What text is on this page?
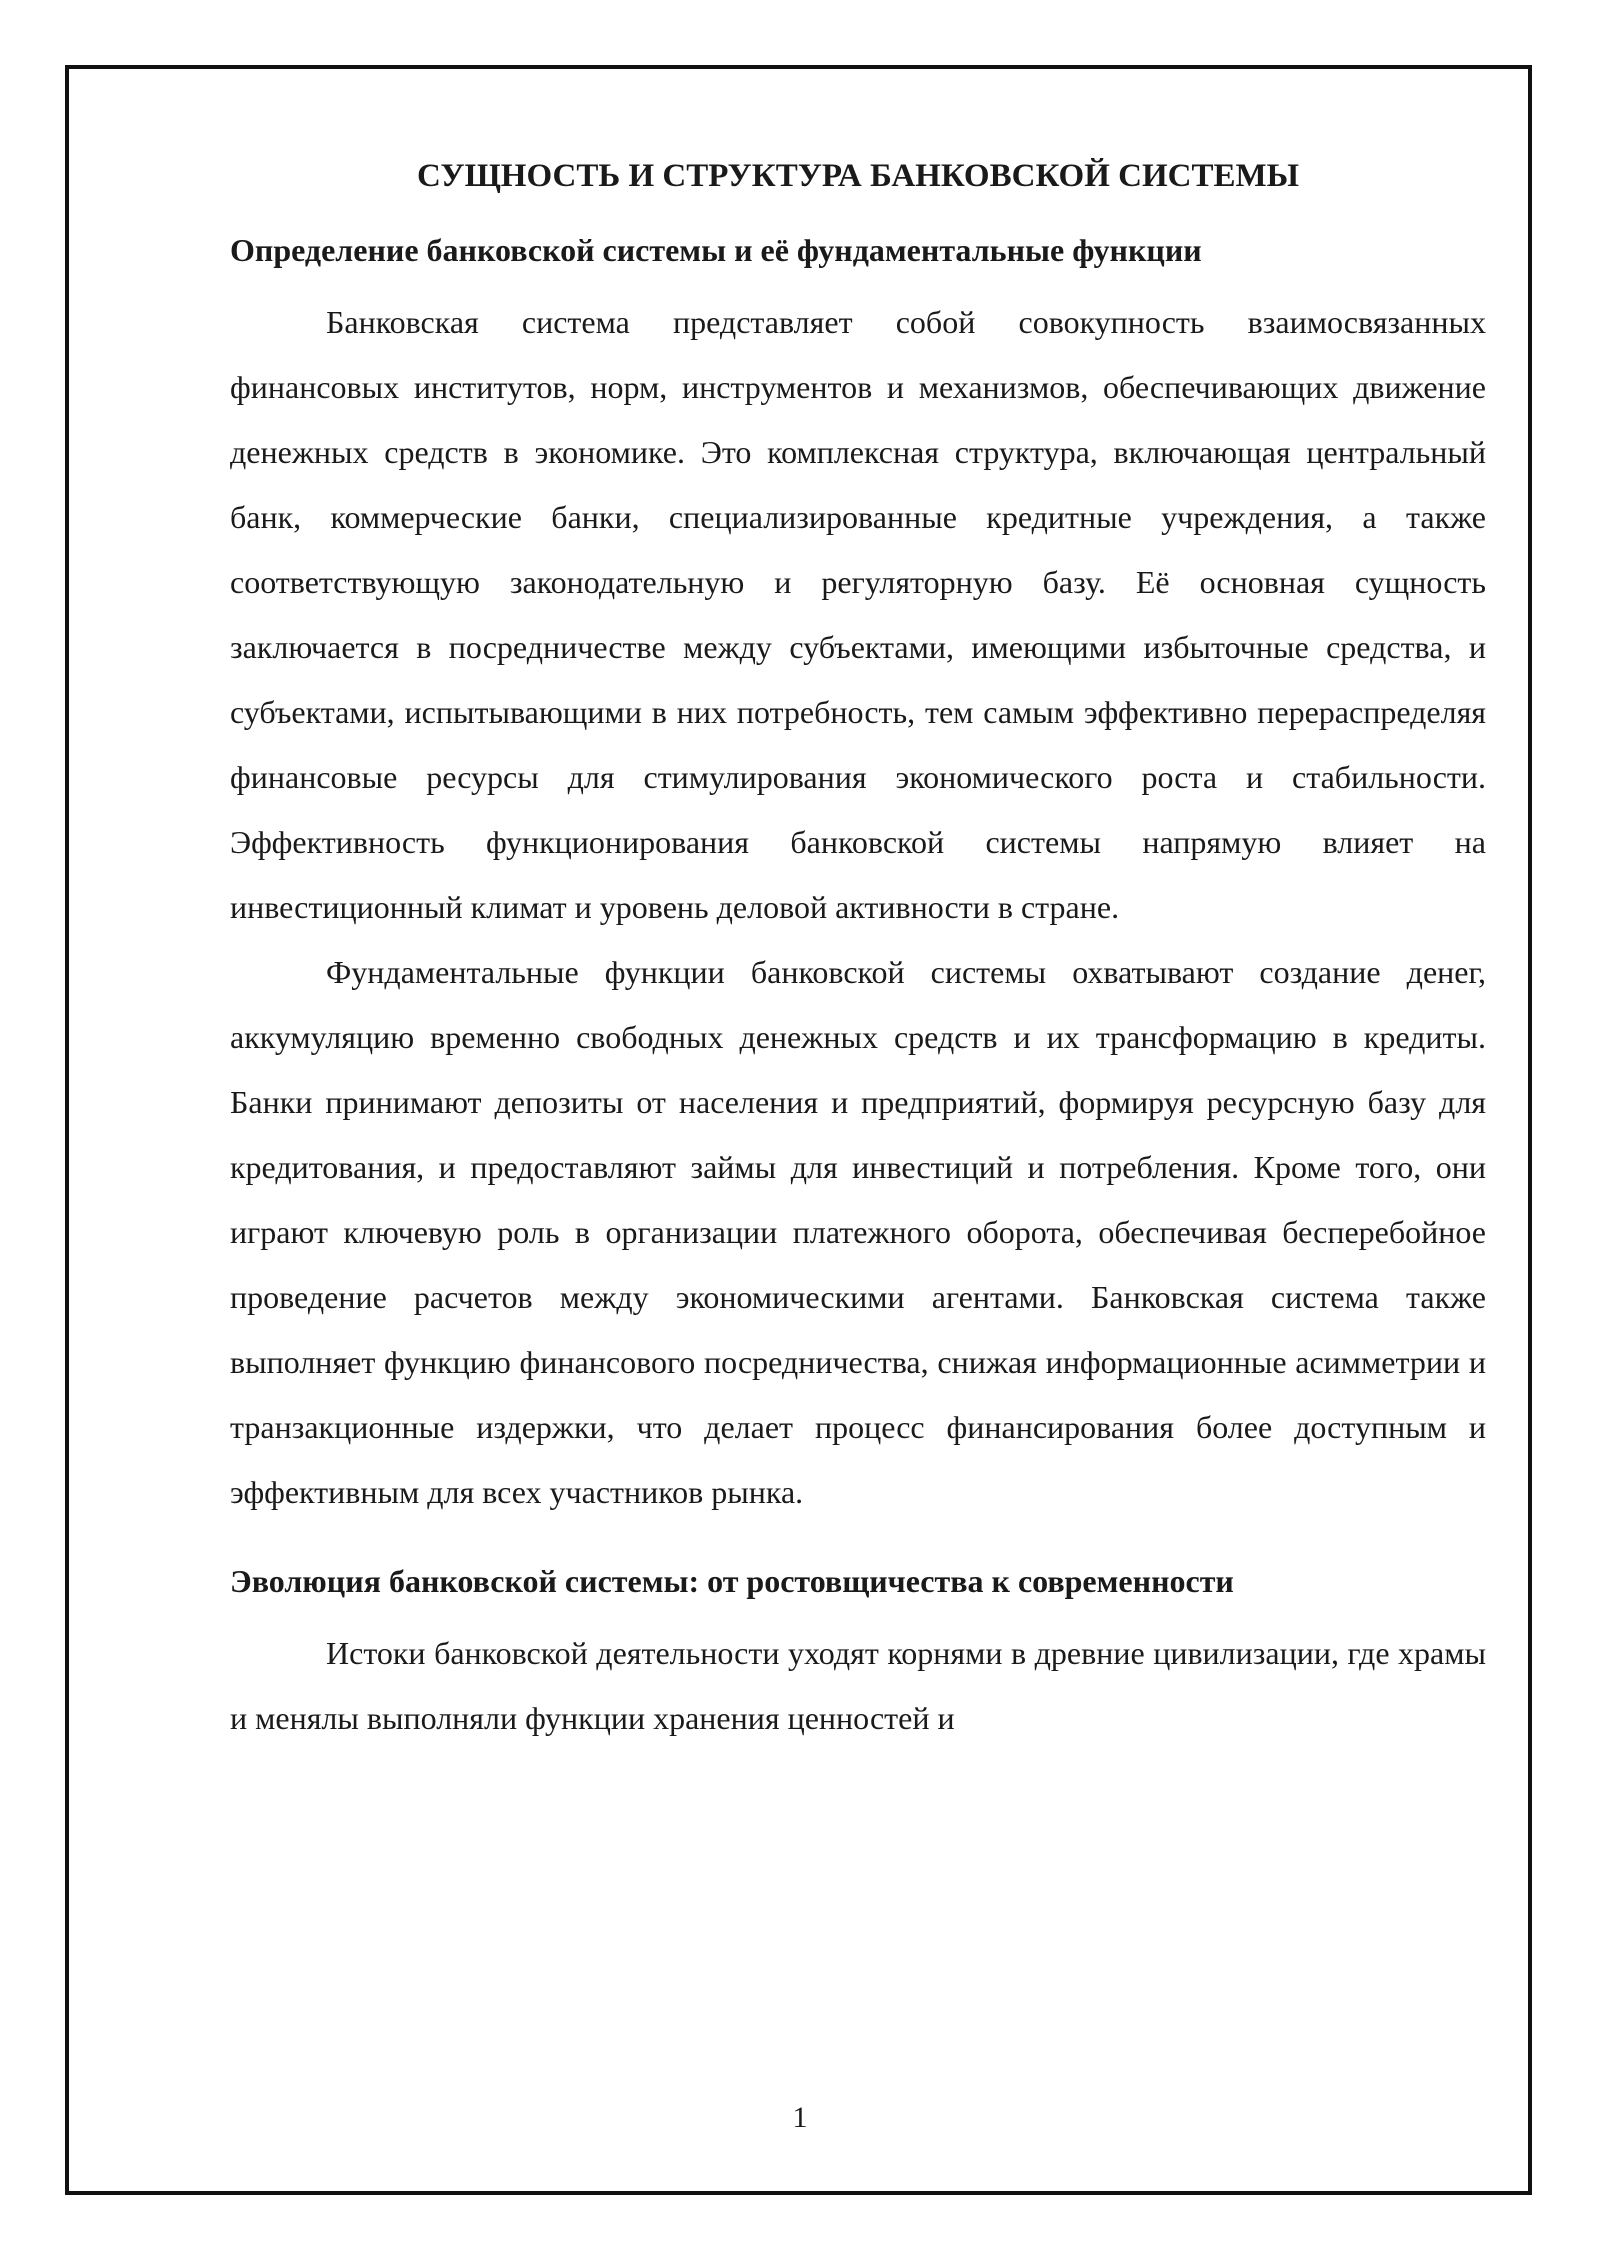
СУЩНОСТЬ И СТРУКТУРА БАНКОВСКОЙ СИСТЕМЫ
Определение банковской системы и её фундаментальные функции

Банковская система представляет собой совокупность взаимосвязанных финансовых институтов, норм, инструментов и механизмов, обеспечивающих движение денежных средств в экономике. Это комплексная структура, включающая центральный банк, коммерческие банки, специализированные кредитные учреждения, а также соответствующую законодательную и регуляторную базу. Её основная сущность заключается в посредничестве между субъектами, имеющими избыточные средства, и субъектами, испытывающими в них потребность, тем самым эффективно перераспределяя финансовые ресурсы для стимулирования экономического роста и стабильности. Эффективность функционирования банковской системы напрямую влияет на инвестиционный климат и уровень деловой активности в стране.

Фундаментальные функции банковской системы охватывают создание денег, аккумуляцию временно свободных денежных средств и их трансформацию в кредиты. Банки принимают депозиты от населения и предприятий, формируя ресурсную базу для кредитования, и предоставляют займы для инвестиций и потребления. Кроме того, они играют ключевую роль в организации платежного оборота, обеспечивая бесперебойное проведение расчетов между экономическими агентами. Банковская система также выполняет функцию финансового посредничества, снижая информационные асимметрии и транзакционные издержки, что делает процесс финансирования более доступным и эффективным для всех участников рынка.

Эволюция банковской системы: от ростовщичества к современности

Истоки банковской деятельности уходят корнями в древние цивилизации, где храмы и менялы выполняли функции хранения ценностей и

1
